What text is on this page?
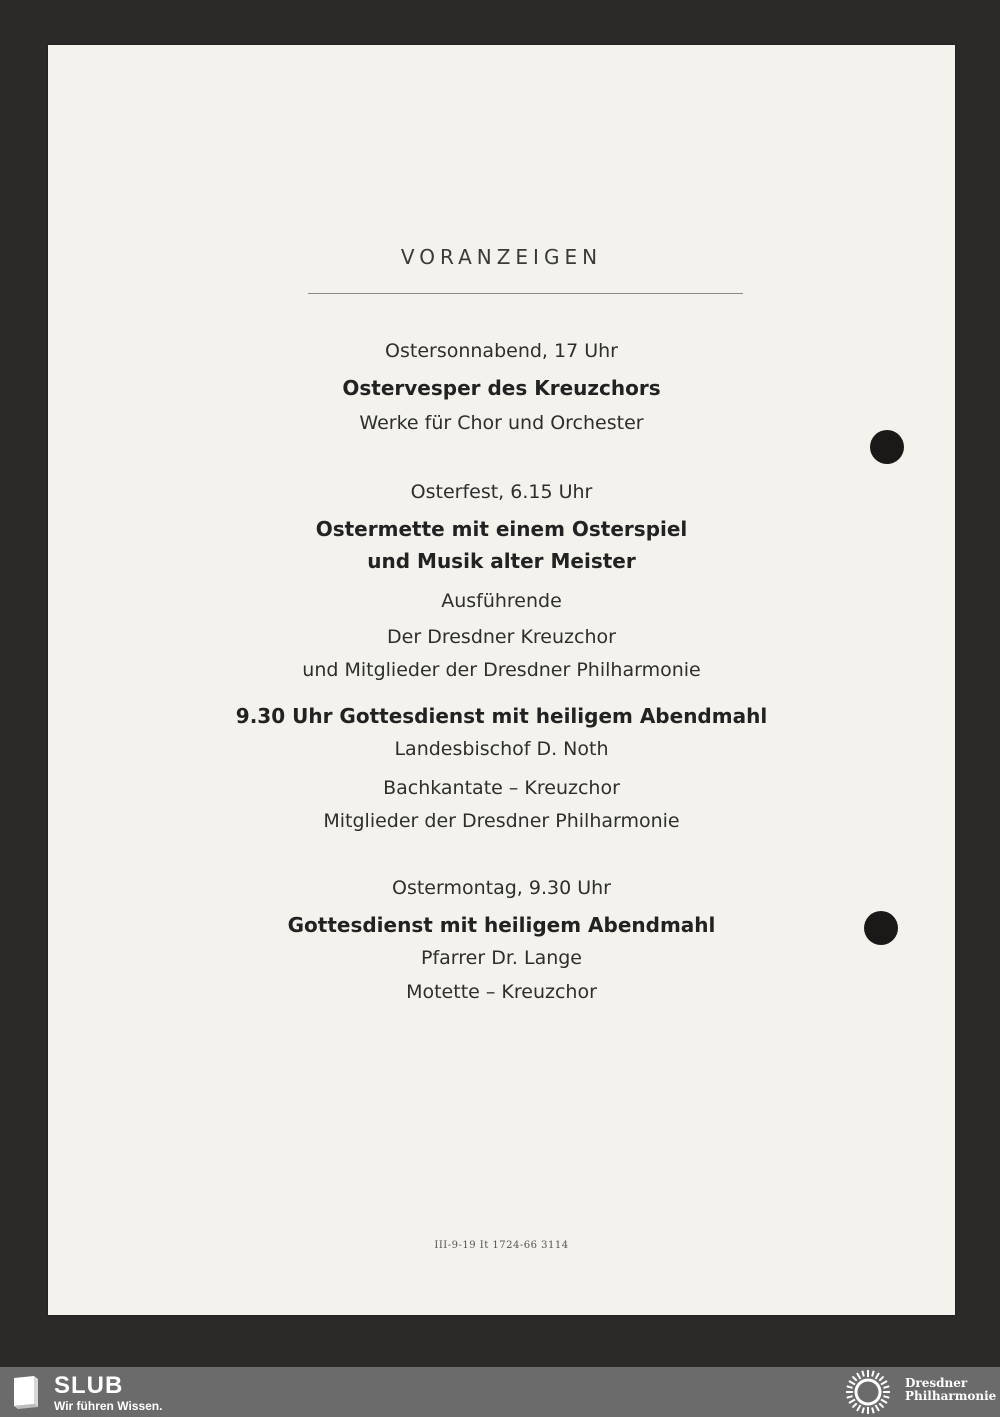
VORANZEIGEN
Ostersonnabend, 17 Uhr
Ostervesper des Kreuzchors
Werke für Chor und Orchester
Osterfest, 6.15 Uhr
Ostermette mit einem Osterspiel
und Musik alter Meister
Ausführende
Der Dresdner Kreuzchor
und Mitglieder der Dresdner Philharmonie
9.30 Uhr Gottesdienst mit heiligem Abendmahl
Landesbischof D. Noth
Bachkantate – Kreuzchor
Mitglieder der Dresdner Philharmonie
Ostermontag, 9.30 Uhr
Gottesdienst mit heiligem Abendmahl
Pfarrer Dr. Lange
Motette – Kreuzchor
III-9-19 It 1724-66 3114
SLUB
Wir führen Wissen.
Dresdner
Philharmonie
